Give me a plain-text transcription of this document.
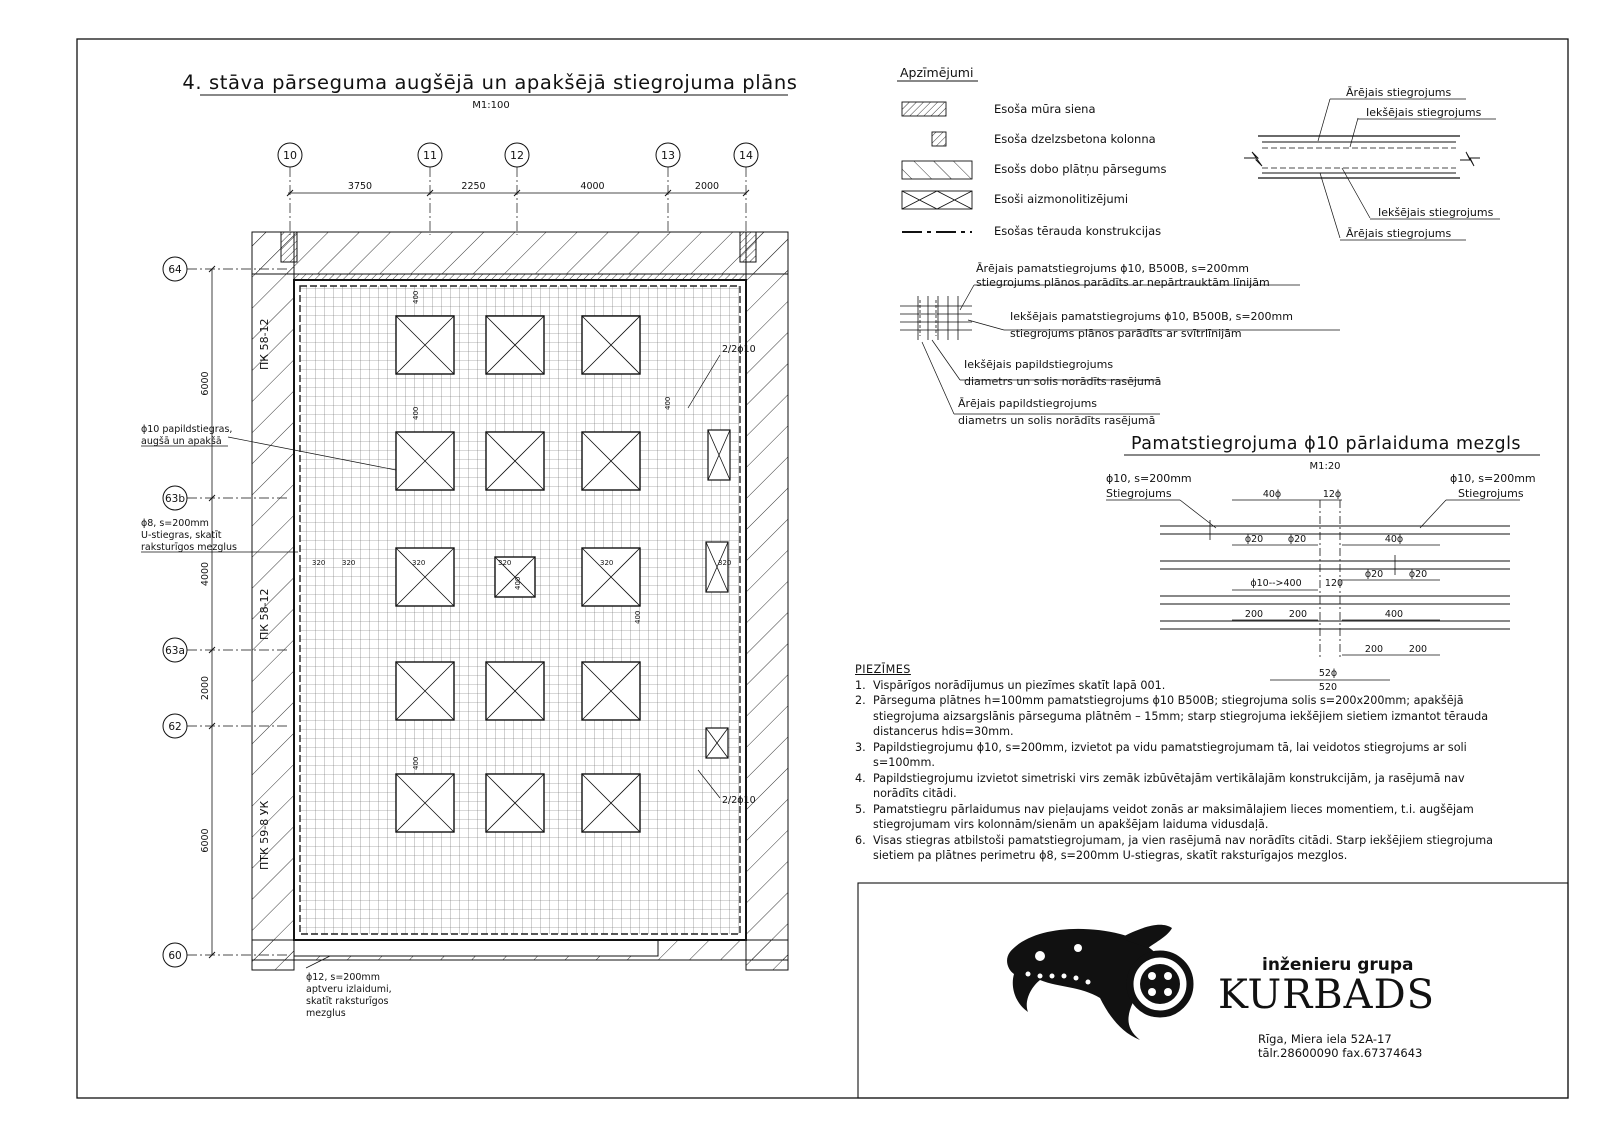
4. stāva pārseguma augšējā un apakšējā stiegrojuma plāns
M1:100
10	11	12	13	14
3750	2250	4000	2000
64
63b
63a
62
60
6000
4000
2000
6000
320 320	320	320	320	320
400
400
400
400
400
400
ПК 58-12
ПК 58-12
ПТК 59-8 УК
ϕ10 papildstiegras,
augšā un apakšā
ϕ8, s=200mm
U-stiegras, skatīt
raksturīgos mezglus
ϕ12, s=200mm
aptveru izlaidumi,
skatīt raksturīgos
mezglus
2/2ϕ10
2/2ϕ10
Apzīmējumi
Esoša mūra siena
Esoša dzelzsbetona kolonna
Esošs dobo plātņu pārsegums
Esoši aizmonolitizējumi
Esošas tērauda konstrukcijas
Ārējais stiegrojums
Iekšējais stiegrojums
Iekšējais stiegrojums
Ārējais stiegrojums
Ārējais pamatstiegrojums ϕ10, B500B, s=200mm
stiegrojums plānos parādīts ar nepārtrauktām līnijām
Iekšējais pamatstiegrojums ϕ10, B500B, s=200mm
stiegrojums plānos parādīts ar svītrlīnijām
Iekšējais papildstiegrojums
diametrs un solis norādīts rasējumā
Ārējais papildstiegrojums
diametrs un solis norādīts rasējumā
Pamatstiegrojuma ϕ10 pārlaiduma mezgls
M1:20
40ϕ	12ϕ
ϕ20	ϕ20	40ϕ
ϕ20	ϕ20
ϕ10-->400 120
200	200	400
200	200
52ϕ
520
ϕ10, s=200mm
Stiegrojums
ϕ10, s=200mm
Stiegrojums
PIEZĪMES
1. Vispārīgos norādījumus un piezīmes skatīt lapā 001.
2. Pārseguma plātnes h=100mm pamatstiegrojums ϕ10 B500B; stiegrojuma solis s=200x200mm; apakšējā stiegrojuma aizsargslānis pārseguma plātnēm – 15mm; starp stiegrojuma iekšējiem sietiem izmantot tērauda distancerus hdis=30mm.
3. Papildstiegrojumu ϕ10, s=200mm, izvietot pa vidu pamatstiegrojumam tā, lai veidotos stiegrojums ar soli s=100mm.
4. Papildstiegrojumu izvietot simetriski virs zemāk izbūvētajām vertikālajām konstrukcijām, ja rasējumā nav norādīts citādi.
5. Pamatstiegru pārlaidumus nav pieļaujams veidot zonās ar maksimālajiem lieces momentiem, t.i. augšējam stiegrojumam virs kolonnām/sienām un apakšējam laiduma vidusdaļā.
6. Visas stiegras atbilstoši pamatstiegrojumam, ja vien rasējumā nav norādīts citādi. Starp iekšējiem stiegrojuma sietiem pa plātnes perimetru ϕ8, s=200mm U-stiegras, skatīt raksturīgajos mezglos.
inženieru grupa
KURBADS
Rīga, Miera iela 52A-17
tālr.28600090 fax.67374643
